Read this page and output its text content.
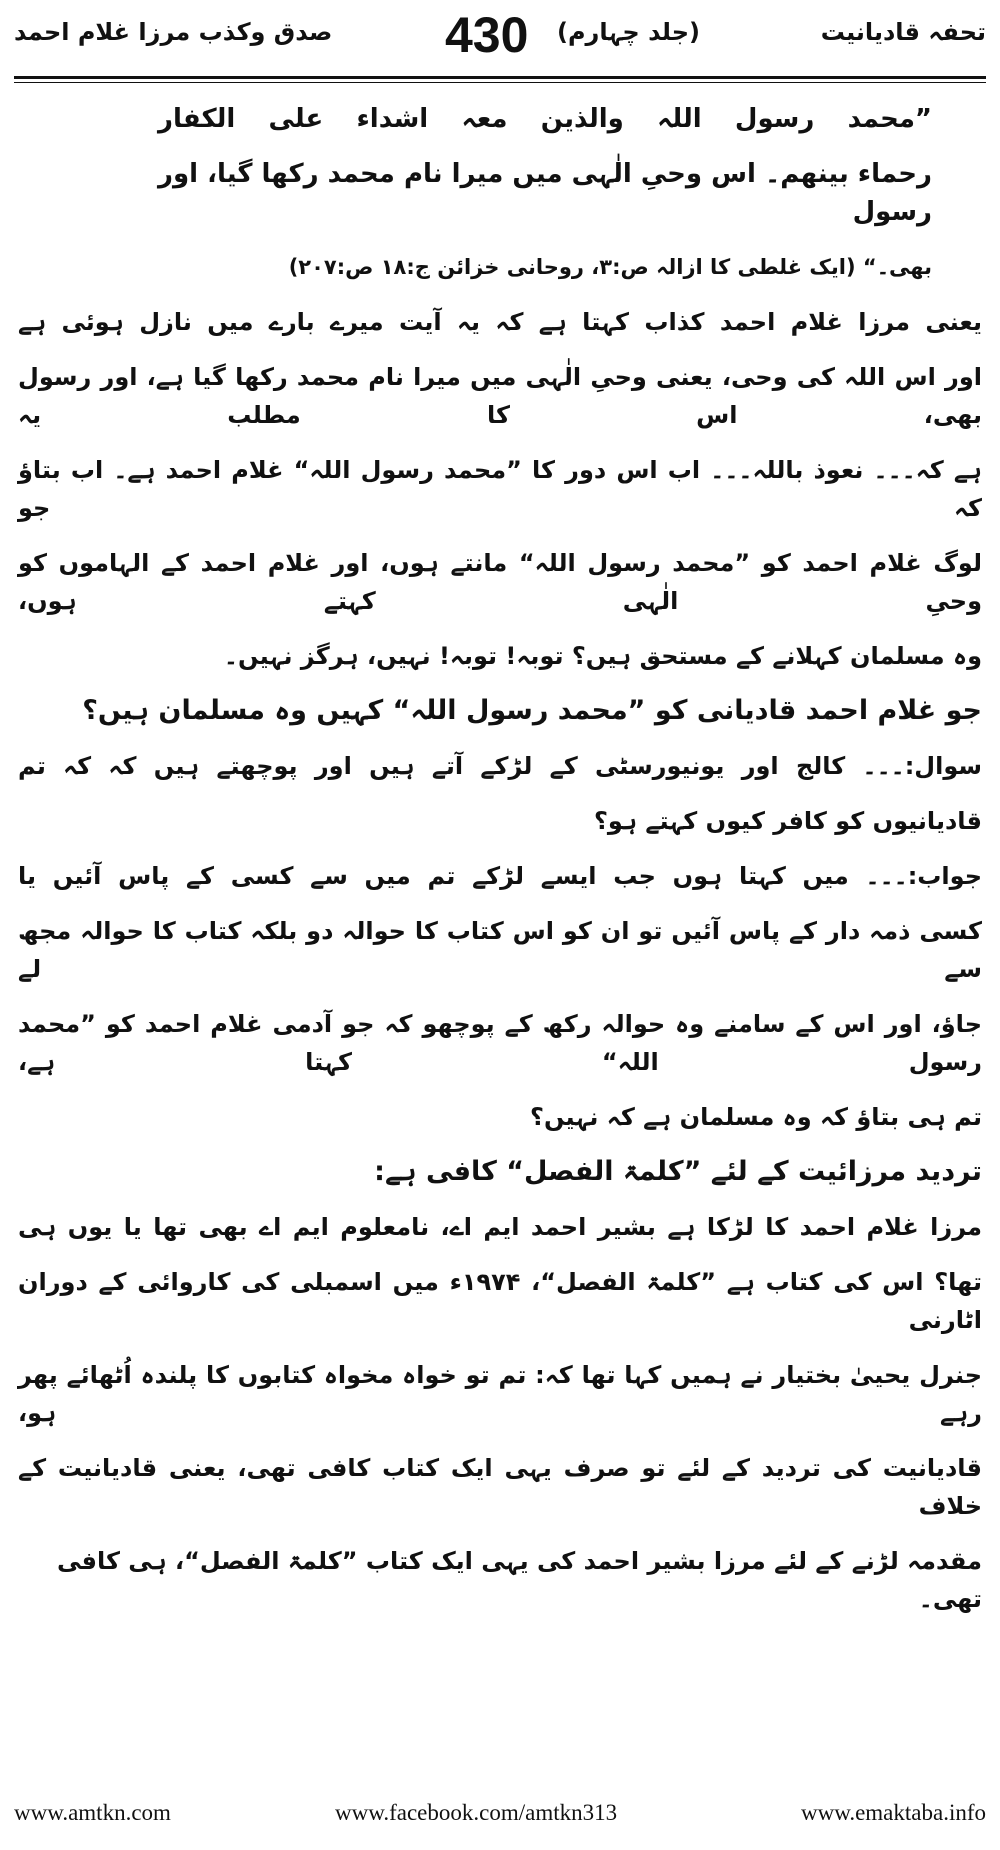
تحفہ قادیانیت
(جلد چہارم)
430
صدق وکذب مرزا غلام احمد
”محمد رسول اللہ والذین معہ اشداء علی الکفار
رحماء بینھم۔ اس وحیِ الٰہی میں میرا نام محمد رکھا گیا، اور رسول
بھی۔“ (ایک غلطی کا ازالہ ص:۳، روحانی خزائن ج:۱۸ ص:۲۰۷)
یعنی مرزا غلام احمد کذاب کہتا ہے کہ یہ آیت میرے بارے میں نازل ہوئی ہے
اور اس اللہ کی وحی، یعنی وحیِ الٰہی میں میرا نام محمد رکھا گیا ہے، اور رسول بھی، اس کا مطلب یہ
ہے کہ۔۔۔ نعوذ باللہ۔۔۔ اب اس دور کا ”محمد رسول اللہ“ غلام احمد ہے۔ اب بتاؤ کہ جو
لوگ غلام احمد کو ”محمد رسول اللہ“ مانتے ہوں، اور غلام احمد کے الہاموں کو وحیِ الٰہی کہتے ہوں،
وہ مسلمان کہلانے کے مستحق ہیں؟ توبہ! توبہ! نہیں، ہرگز نہیں۔
جو غلام احمد قادیانی کو ”محمد رسول اللہ“ کہیں وہ مسلمان ہیں؟
سوال:۔۔۔ کالج اور یونیورسٹی کے لڑکے آتے ہیں اور پوچھتے ہیں کہ کہ تم
قادیانیوں کو کافر کیوں کہتے ہو؟
جواب:۔۔۔ میں کہتا ہوں جب ایسے لڑکے تم میں سے کسی کے پاس آئیں یا
کسی ذمہ دار کے پاس آئیں تو ان کو اس کتاب کا حوالہ دو بلکہ کتاب کا حوالہ مجھ سے لے
جاؤ، اور اس کے سامنے وہ حوالہ رکھ کے پوچھو کہ جو آدمی غلام احمد کو ”محمد رسول اللہ“ کہتا ہے،
تم ہی بتاؤ کہ وہ مسلمان ہے کہ نہیں؟
تردید مرزائیت کے لئے ”کلمۃ الفصل“ کافی ہے:
مرزا غلام احمد کا لڑکا ہے بشیر احمد ایم اے، نامعلوم ایم اے بھی تھا یا یوں ہی
تھا؟ اس کی کتاب ہے ”کلمۃ الفصل“، ۱۹۷۴ء میں اسمبلی کی کاروائی کے دوران اٹارنی
جنرل یحییٰ بختیار نے ہمیں کہا تھا کہ: تم تو خواہ مخواہ کتابوں کا پلندہ اُٹھائے پھر رہے ہو،
قادیانیت کی تردید کے لئے تو صرف یہی ایک کتاب کافی تھی، یعنی قادیانیت کے خلاف
مقدمہ لڑنے کے لئے مرزا بشیر احمد کی یہی ایک کتاب ”کلمۃ الفصل“، ہی کافی تھی۔
www.amtkn.com	www.facebook.com/amtkn313	www.emaktaba.info
